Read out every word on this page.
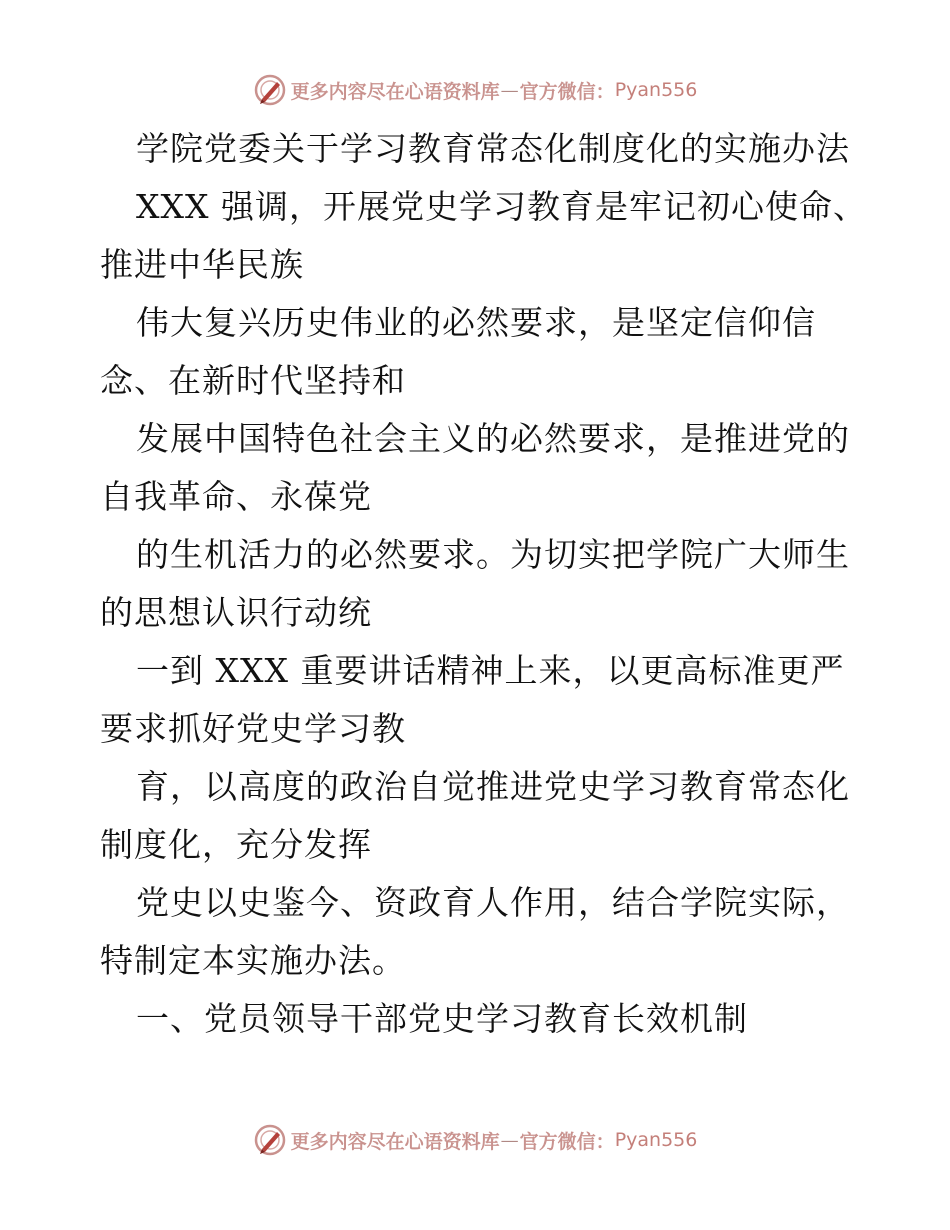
更多内容尽在心语资料库 — 官方微信： Pyan556
学院党委关于学习教育常态化制度化的实施办法
XXX 强调，开展党史学习教育是牢记初心使命、
推进中华民族
伟大复兴历史伟业的必然要求，是坚定信仰信
念、在新时代坚持和
发展中国特色社会主义的必然要求，是推进党的
自我革命、永葆党
的生机活力的必然要求。为切实把学院广大师生
的思想认识行动统
一到 XXX 重要讲话精神上来，以更高标准更严
要求抓好党史学习教
育，以高度的政治自觉推进党史学习教育常态化
制度化，充分发挥
党史以史鉴今、资政育人作用，结合学院实际，
特制定本实施办法。
一、党员领导干部党史学习教育长效机制
更多内容尽在心语资料库 — 官方微信： Pyan556
